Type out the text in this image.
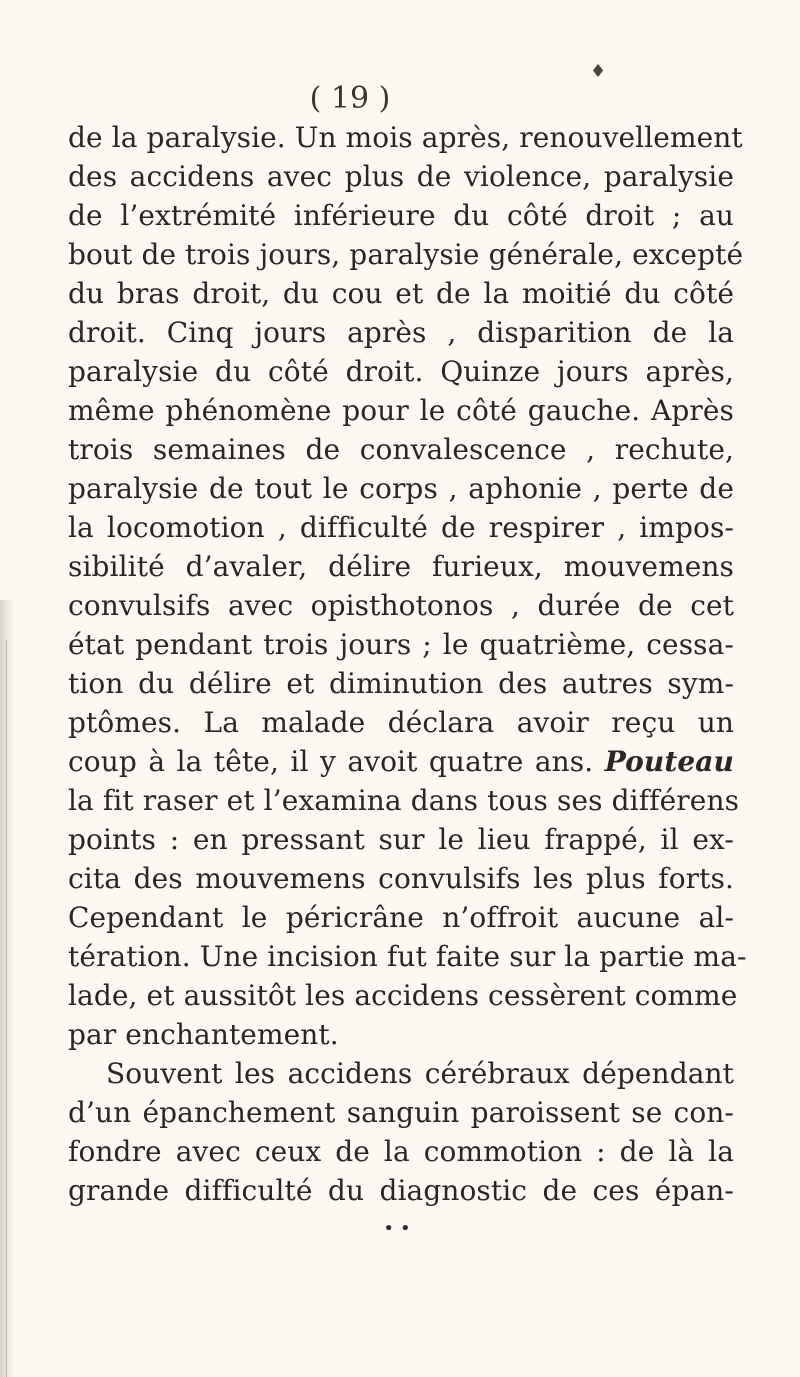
( 19 )
♦
de la paralysie. Un mois après, renouvellement
des accidens avec plus de violence, paralysie
de l’extrémité inférieure du côté droit ; au
bout de trois jours, paralysie générale, excepté
du bras droit, du cou et de la moitié du côté
droit. Cinq jours après , disparition de la
paralysie du côté droit. Quinze jours après,
même phénomène pour le côté gauche. Après
trois semaines de convalescence , rechute,
paralysie de tout le corps , aphonie , perte de
la locomotion , difficulté de respirer , impos-
sibilité d’avaler, délire furieux, mouvemens
convulsifs avec opisthotonos , durée de cet
état pendant trois jours ; le quatrième, cessa-
tion du délire et diminution des autres sym-
ptômes. La malade déclara avoir reçu un
coup à la tête, il y avoit quatre ans. Pouteau
la fit raser et l’examina dans tous ses différens
points : en pressant sur le lieu frappé, il ex-
cita des mouvemens convulsifs les plus forts.
Cependant le péricrâne n’offroit aucune al-
tération. Une incision fut faite sur la partie ma-
lade, et aussitôt les accidens cessèrent comme
par enchantement.
Souvent les accidens cérébraux dépendant
d’un épanchement sanguin paroissent se con-
fondre avec ceux de la commotion : de là la
grande difficulté du diagnostic de ces épan-
••
